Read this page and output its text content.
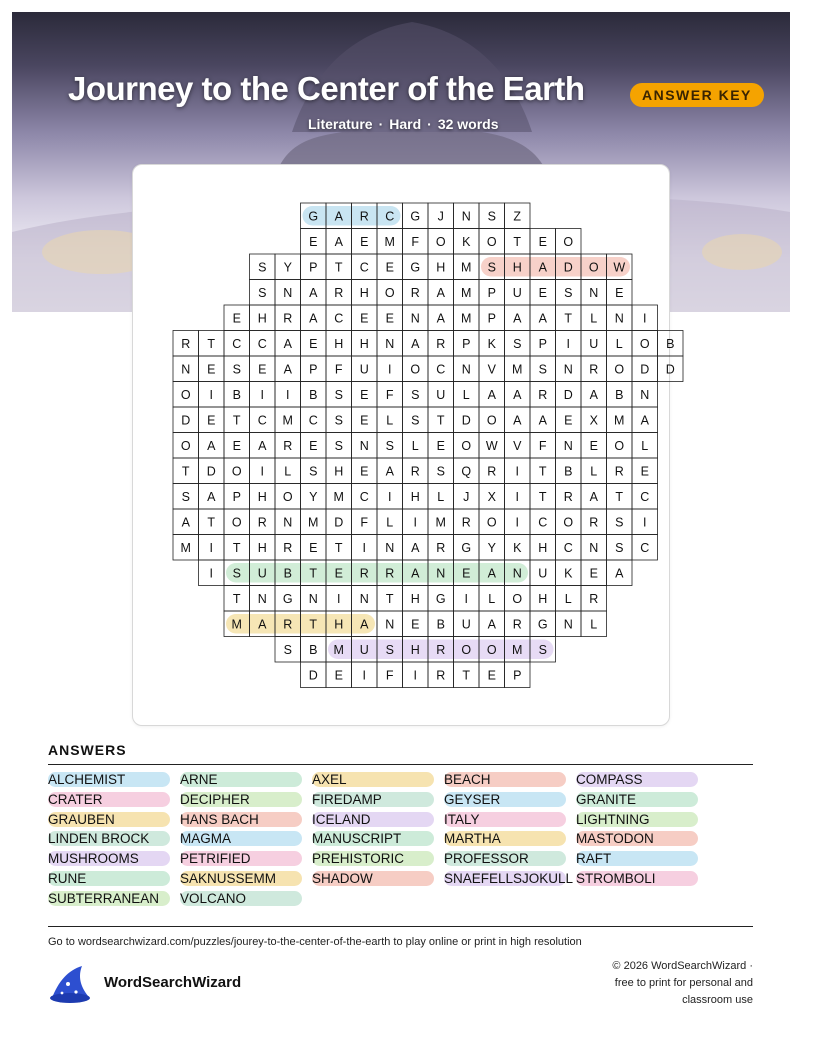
Journey to the Center of the Earth	ANSWER KEY
Literature · Hard · 32 words
G A R C G J N S Z
E A E M F O K O T E O
S Y P T C E G H M S H A D O W
S N A R H O R A M P U E S N E
E H R A C E E N A M P A A T L N I
R T C C A E H H N A R P K S P I U L O B
N E S E A P F U I O C N V M S N R O D D
O I B I I B S E F S U L A A R D A B N
D E T C M C S E L S T D O A A E X M A
O A E A R E S N S L E O W V F N E O L
T D O I L S H E A R S Q R I T B L R E
S A P H O Y M C I H L J X I T R A T C
A T O R N M D F L I M R O I C O R S I
M I T H R E T I N A R G Y K H C N S C
I S U B T E R R A N E A N U K E A
T N G N I N T H G I L O H L R
M A R T H A N E B U A R G N L
S B M U S H R O O M S
D E I F I R T E P
ANSWERS
ALCHEMIST	ARNE	AXEL	BEACH	COMPASS
CRATER	DECIPHER	FIREDAMP	GEYSER	GRANITE
GRAUBEN	HANS BACH	ICELAND	ITALY	LIGHTNING
LINDEN BROCK	MAGMA	MANUSCRIPT	MARTHA	MASTODON
MUSHROOMS	PETRIFIED	PREHISTORIC	PROFESSOR	RAFT
RUNE	SAKNUSSEMM	SHADOW	SNAEFELLSJOKULL STROMBOLI
SUBTERRANEAN	VOLCANO
Go to wordsearchwizard.com/puzzles/jourey-to-the-center-of-the-earth to play online or print in high resolution
WordSearchWizard
© 2026 WordSearchWizard ·
free to print for personal and
classroom use
